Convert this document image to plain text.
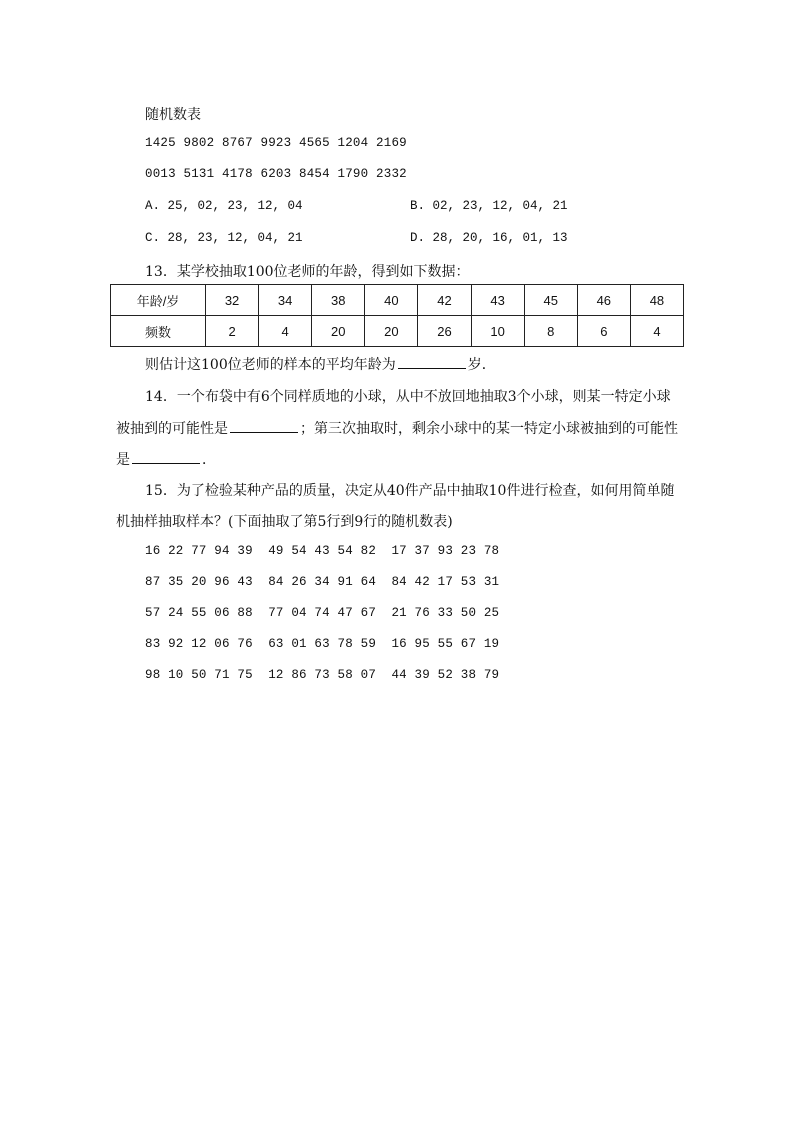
随机数表
1425 9802 8767 9923 4565 1204 2169
0013 5131 4178 6203 8454 1790 2332
A. 25, 02, 23, 12, 04	B. 02, 23, 12, 04, 21
C. 28, 23, 12, 04, 21	D. 28, 20, 16, 01, 13
13．某学校抽取100位老师的年龄，得到如下数据：
年龄/岁	32	34	38	40	42	43	45	46	48
频数	2	4	20	20	26	10	8	6	4
则估计这100位老师的样本的平均年龄为	岁．
14．一个布袋中有6个同样质地的小球，从中不放回地抽取3个小球，则某一特定小球
被抽到的可能性是	；第三次抽取时，剩余小球中的某一特定小球被抽到的可能性
是	．
15．为了检验某种产品的质量，决定从40件产品中抽取10件进行检查，如何用简单随
机抽样抽取样本？(下面抽取了第5行到9行的随机数表)
16 22 77 94 39  49 54 43 54 82  17 37 93 23 78
87 35 20 96 43  84 26 34 91 64  84 42 17 53 31
57 24 55 06 88  77 04 74 47 67  21 76 33 50 25
83 92 12 06 76  63 01 63 78 59  16 95 55 67 19
98 10 50 71 75  12 86 73 58 07  44 39 52 38 79
